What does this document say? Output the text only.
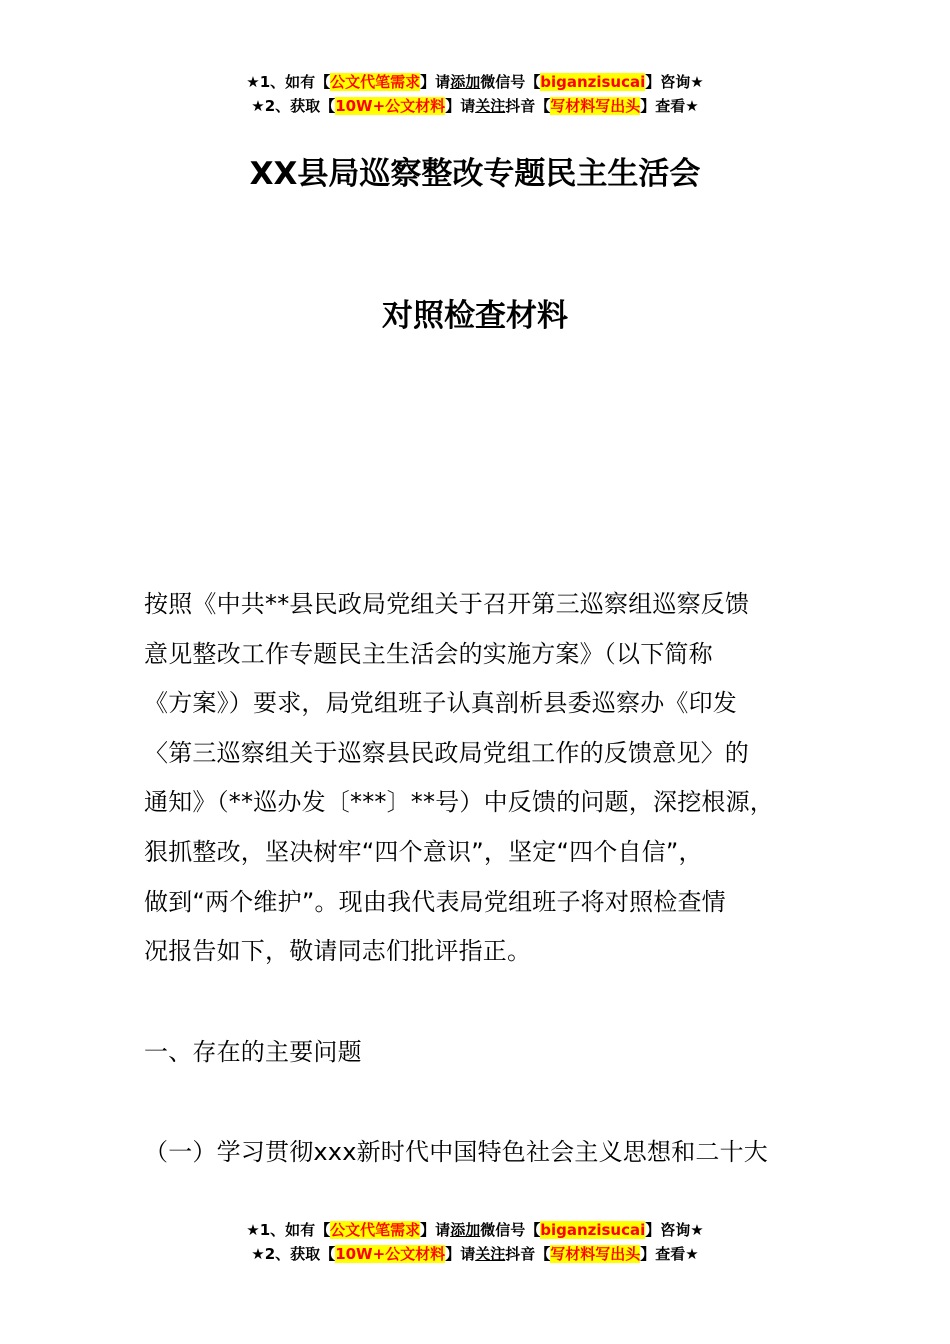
★1、如有【公文代笔需求】请添加微信号【biganzisucai】咨询★
★2、获取【10W+公文材料】请关注抖音【写材料写出头】查看★
XX县局巡察整改专题民主生活会
对照检查材料
按照《中共**县民政局党组关于召开第三巡察组巡察反馈
意见整改工作专题民主生活会的实施方案》（以下简称
《方案》）要求，局党组班子认真剖析县委巡察办《印发
〈第三巡察组关于巡察县民政局党组工作的反馈意见〉的
通知》（**巡办发〔***〕**号）中反馈的问题，深挖根源，
狠抓整改，坚决树牢“四个意识”，坚定“四个自信”，
做到“两个维护”。现由我代表局党组班子将对照检查情
况报告如下，敬请同志们批评指正。
一、存在的主要问题
（一）学习贯彻xxx新时代中国特色社会主义思想和二十大
★1、如有【公文代笔需求】请添加微信号【biganzisucai】咨询★
★2、获取【10W+公文材料】请关注抖音【写材料写出头】查看★
